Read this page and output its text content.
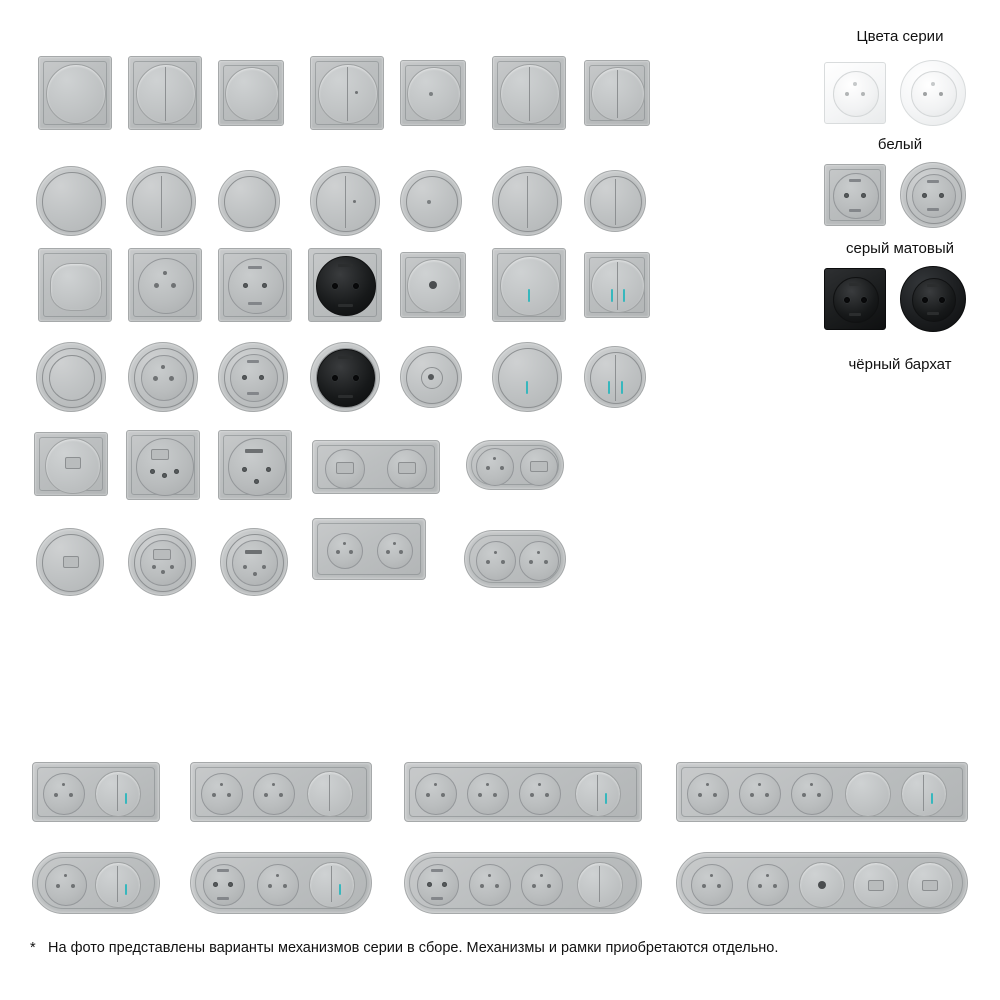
Цвета серии
белый
серый матовый
чёрный бархат
* На фото представлены варианты механизмов серии в сборе. Механизмы и рамки приобретаются отдельно.
